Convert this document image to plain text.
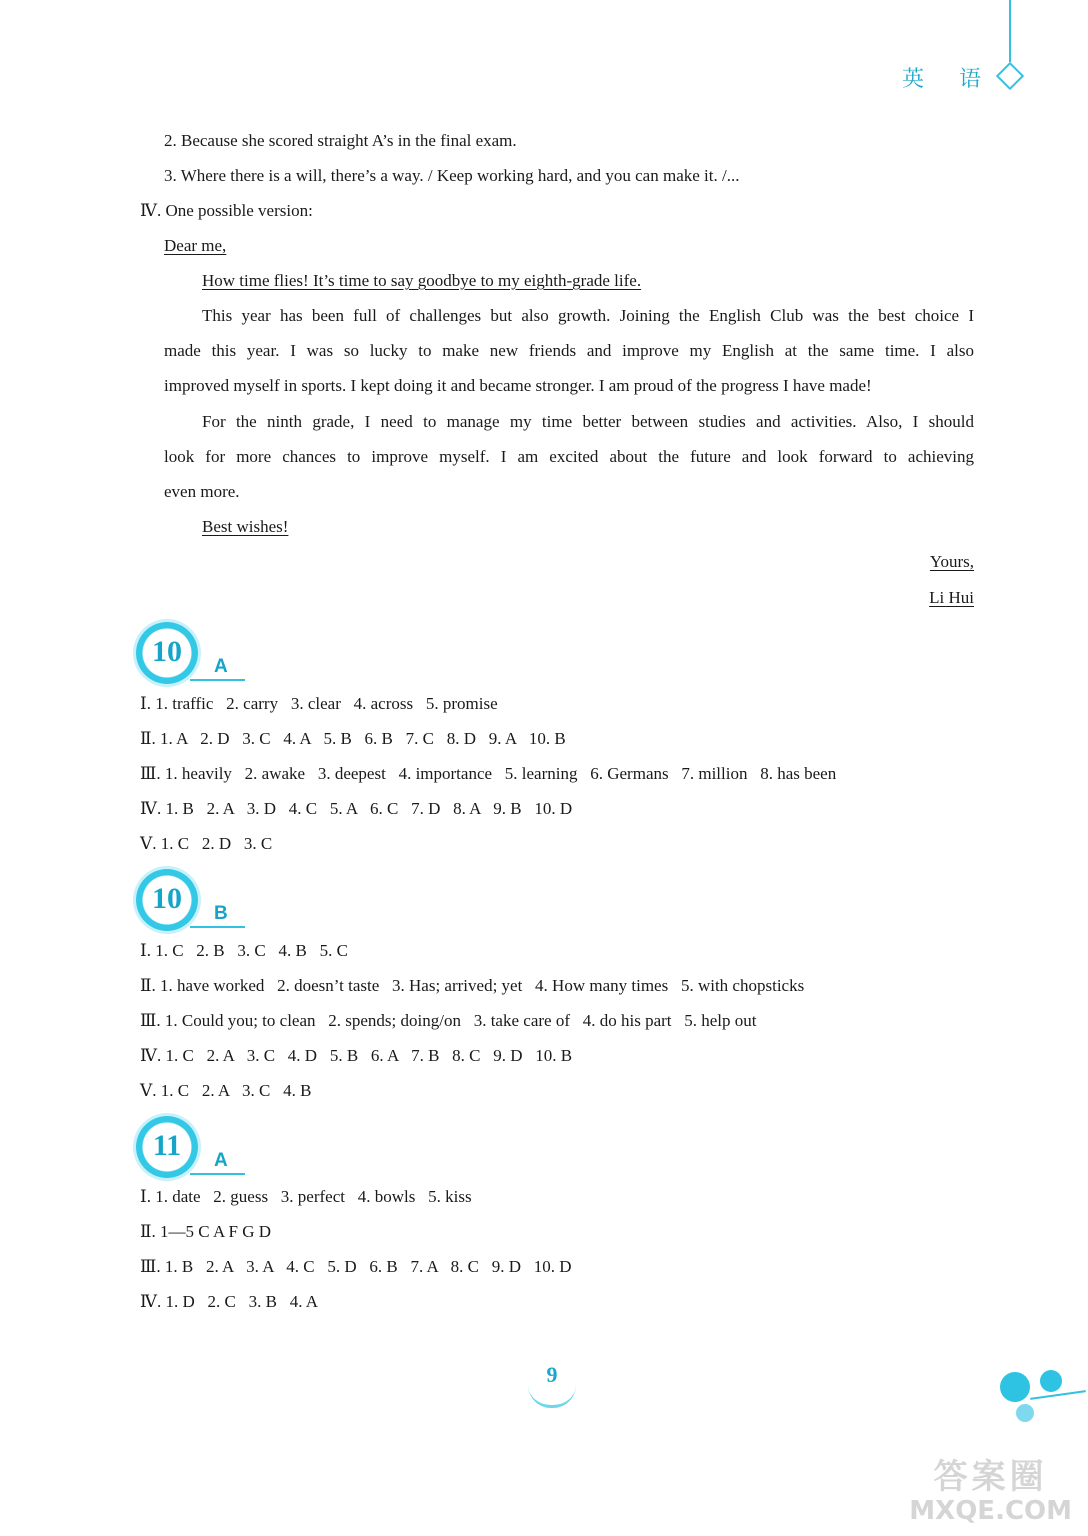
英 语
2. Because she scored straight A’s in the final exam.
3. Where there is a will, there’s a way. / Keep working hard, and you can make it. /...
Ⅳ. One possible version:
Dear me,
How time flies! It’s time to say goodbye to my eighth-grade life.
This year has been full of challenges but also growth. Joining the English Club was the best choice I
made this year. I was so lucky to make new friends and improve my English at the same time. I also
improved myself in sports. I kept doing it and became stronger. I am proud of the progress I have made!
For the ninth grade, I need to manage my time better between studies and activities. Also, I should
look for more chances to improve myself. I am excited about the future and look forward to achieving
even more.
Best wishes!
Yours,
Li Hui
10	A
Ⅰ. 1. traffic   2. carry   3. clear   4. across   5. promise
Ⅱ. 1. A   2. D   3. C   4. A   5. B   6. B   7. C   8. D   9. A   10. B
Ⅲ. 1. heavily   2. awake   3. deepest   4. importance   5. learning   6. Germans   7. million   8. has been
Ⅳ. 1. B   2. A   3. D   4. C   5. A   6. C   7. D   8. A   9. B   10. D
Ⅴ. 1. C   2. D   3. C
10	B
Ⅰ. 1. C   2. B   3. C   4. B   5. C
Ⅱ. 1. have worked   2. doesn’t taste   3. Has; arrived; yet   4. How many times   5. with chopsticks
Ⅲ. 1. Could you; to clean   2. spends; doing/on   3. take care of   4. do his part   5. help out
Ⅳ. 1. C   2. A   3. C   4. D   5. B   6. A   7. B   8. C   9. D   10. B
Ⅴ. 1. C   2. A   3. C   4. B
11	A
Ⅰ. 1. date   2. guess   3. perfect   4. bowls   5. kiss
Ⅱ. 1—5 C A F G D
Ⅲ. 1. B   2. A   3. A   4. C   5. D   6. B   7. A   8. C   9. D   10. D
Ⅳ. 1. D   2. C   3. B   4. A
9
答案圈
MXQE.COM
